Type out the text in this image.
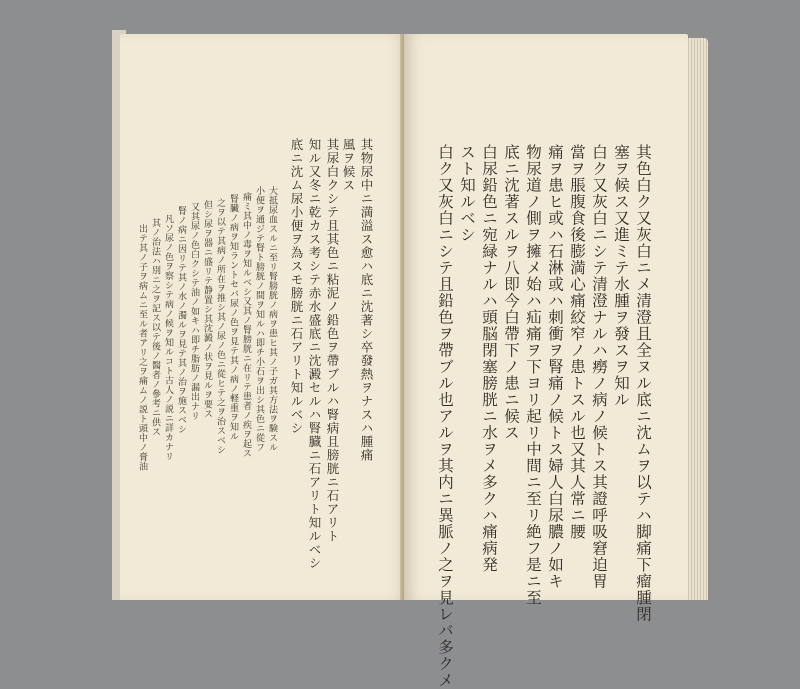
其物尿中ニ満溢ス愈ハ底ニ沈著シ卒發熱ヲナスハ腫痛
風ヲ候ス
其尿白クシテ且其色ニ粘泥ノ鉛色ヲ帶ブルハ腎病且膀胱ニ石アリト
知ル又冬ニ乾カス考シテ赤水盛底ニ沈澱セルハ腎臓ニ石アリト知ルベシ
底ニ沈ム尿小便ヲ為スモ膀胱ニ石アリト知ルベシ
大抵尿血スルニ至リ腎膀胱ノ病ヲ患ヒ其ノ子ガ其方法ヲ験スル
小便ヲ通ジテ腎ト膀胱ノ間ヲ知ルハ即チ小石ヲ出シ其色ニ從フ
痛ミ其中ノ毒ヲ知ルベシ又其ノ腎膀胱ニ在リテ患者ノ疾ヲ起ス
腎臟ノ病ヲ知ラントセバ尿ノ色ヲ見テ其ノ病ノ軽重ヲ知ル
之ヲ以テ其病ノ所在ヲ推シ其ノ尿ノ色ニ從ヒテ之ヲ治スベシ
但シ尿ヲ器ニ盛リテ静置シ其沈澱ノ状ヲ見ルヲ要ス
又其尿ノ色白クシテ油ノ如キハ即チ脂肪ノ漏出ナリ
腎ノ病ニ因リテ其ノ水ノ濁ルヲ見テ其ノ治ヲ施スベシ
凡ソ尿ノ色ヲ察シテ病ノ候ヲ知ルコト古人ノ説ニ詳カナリ
其ノ治法ハ別ニ之ヲ記ス以テ後ノ醫者ノ參考ニ供ス
出テ其ノ子ヲ病ムニ至ル者アリ之ヲ痛ムノ説ト頭中ノ膏油	其色白ク又灰白ニメ清澄且全ヌル底ニ沈ムヲ以テハ脚痛下瘤腫閉
塞ヲ候ス又進ミテ水腫ヲ發スヲ知ル
白ク又灰白ニシテ清澄ナルハ癆ノ病ノ候トス其證呼吸窘迫胃
當ヲ脹腹食後膨満心痛絞窄ノ患トスル也又其人常ニ腰
痛ヲ患ヒ或ハ石淋或ハ刺衝ヲ腎痛ノ候トス婦人白尿膿ノ如キ
物尿道ノ側ヲ擁メ始ハ疝痛ヲ下ヨリ起リ中間ニ至リ絶フ是ニ至
底ニ沈著スルヲ八即今白帶下ノ患ニ候ス
白尿鉛色ニ宛緑ナルハ頭脳閉塞膀胱ニ水ヲメ多クハ痛病発
スト知ルベシ
白ク又灰白ニシテ且鉛色ヲ帶ブル也アルヲ其内ニ異脈ノ之ヲ見レバ多クメ
